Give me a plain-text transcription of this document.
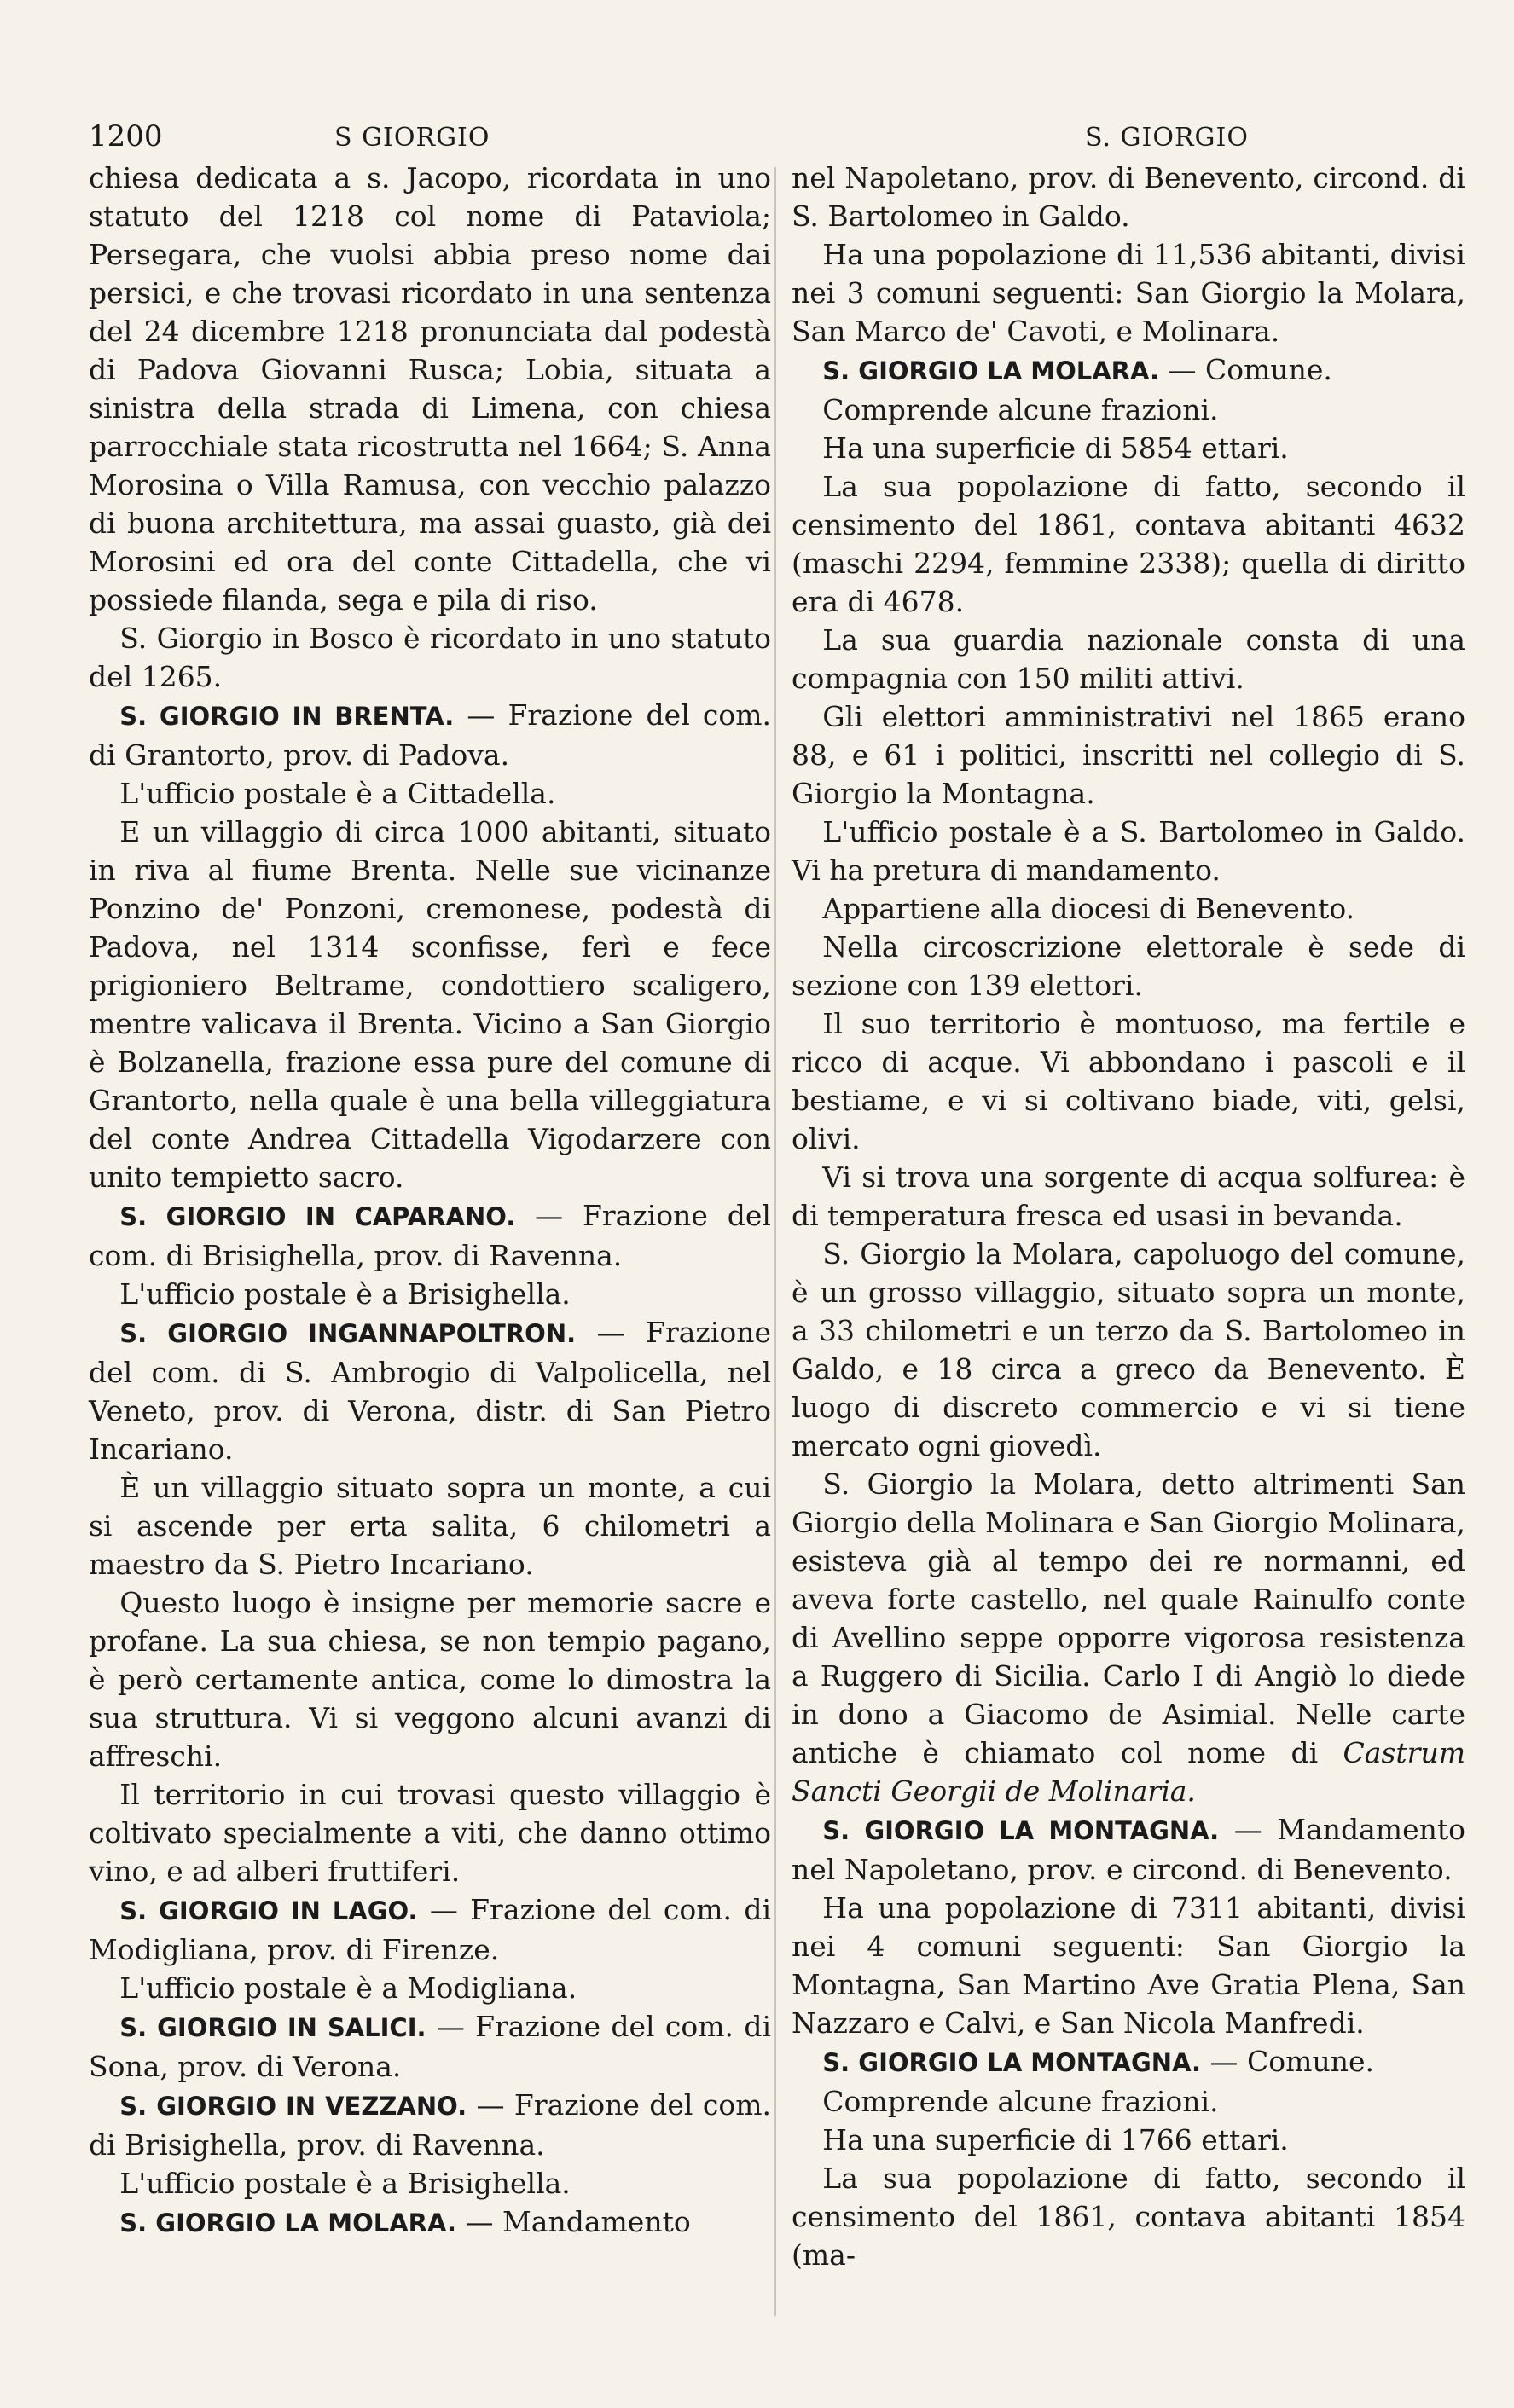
1200	S GIORGIO	S. GIORGIO

chiesa dedicata a s. Jacopo, ricordata in uno statuto del 1218 col nome di Pataviola; Persegara, che vuolsi abbia preso nome dai persici, e che trovasi ricordato in una sentenza del 24 dicembre 1218 pronunciata dal podestà di Padova Giovanni Rusca; Lobia, situata a sinistra della strada di Limena, con chiesa parrocchiale stata ricostrutta nel 1664; S. Anna Morosina o Villa Ramusa, con vecchio palazzo di buona architettura, ma assai guasto, già dei Morosini ed ora del conte Cittadella, che vi possiede filanda, sega e pila di riso.

S. Giorgio in Bosco è ricordato in uno statuto del 1265.

S. GIORGIO IN BRENTA. — Frazione del com. di Grantorto, prov. di Padova.

L'ufficio postale è a Cittadella.

E un villaggio di circa 1000 abitanti, situato in riva al fiume Brenta. Nelle sue vicinanze Ponzino de' Ponzoni, cremonese, podestà di Padova, nel 1314 sconfisse, ferì e fece prigioniero Beltrame, condottiero scaligero, mentre valicava il Brenta. Vicino a San Giorgio è Bolzanella, frazione essa pure del comune di Grantorto, nella quale è una bella villeggiatura del conte Andrea Cittadella Vigodarzere con unito tempietto sacro.

S. GIORGIO IN CAPARANO. — Frazione del com. di Brisighella, prov. di Ravenna.

L'ufficio postale è a Brisighella.

S. GIORGIO INGANNAPOLTRON. — Frazione del com. di S. Ambrogio di Valpolicella, nel Veneto, prov. di Verona, distr. di San Pietro Incariano.

È un villaggio situato sopra un monte, a cui si ascende per erta salita, 6 chilometri a maestro da S. Pietro Incariano.

Questo luogo è insigne per memorie sacre e profane. La sua chiesa, se non tempio pagano, è però certamente antica, come lo dimostra la sua struttura. Vi si veggono alcuni avanzi di affreschi.

Il territorio in cui trovasi questo villaggio è coltivato specialmente a viti, che danno ottimo vino, e ad alberi fruttiferi.

S. GIORGIO IN LAGO. — Frazione del com. di Modigliana, prov. di Firenze.

L'ufficio postale è a Modigliana.

S. GIORGIO IN SALICI. — Frazione del com. di Sona, prov. di Verona.

S. GIORGIO IN VEZZANO. — Frazione del com. di Brisighella, prov. di Ravenna.

L'ufficio postale è a Brisighella.

S. GIORGIO LA MOLARA. — Mandamento

nel Napoletano, prov. di Benevento, circond. di S. Bartolomeo in Galdo.

Ha una popolazione di 11,536 abitanti, divisi nei 3 comuni seguenti: San Giorgio la Molara, San Marco de' Cavoti, e Molinara.

S. GIORGIO LA MOLARA. — Comune.

Comprende alcune frazioni.

Ha una superficie di 5854 ettari.

La sua popolazione di fatto, secondo il censimento del 1861, contava abitanti 4632 (maschi 2294, femmine 2338); quella di diritto era di 4678.

La sua guardia nazionale consta di una compagnia con 150 militi attivi.

Gli elettori amministrativi nel 1865 erano 88, e 61 i politici, inscritti nel collegio di S. Giorgio la Montagna.

L'ufficio postale è a S. Bartolomeo in Galdo. Vi ha pretura di mandamento.

Appartiene alla diocesi di Benevento.

Nella circoscrizione elettorale è sede di sezione con 139 elettori.

Il suo territorio è montuoso, ma fertile e ricco di acque. Vi abbondano i pascoli e il bestiame, e vi si coltivano biade, viti, gelsi, olivi.

Vi si trova una sorgente di acqua solfurea: è di temperatura fresca ed usasi in bevanda.

S. Giorgio la Molara, capoluogo del comune, è un grosso villaggio, situato sopra un monte, a 33 chilometri e un terzo da S. Bartolomeo in Galdo, e 18 circa a greco da Benevento. È luogo di discreto commercio e vi si tiene mercato ogni giovedì.

S. Giorgio la Molara, detto altrimenti San Giorgio della Molinara e San Giorgio Molinara, esisteva già al tempo dei re normanni, ed aveva forte castello, nel quale Rainulfo conte di Avellino seppe opporre vigorosa resistenza a Ruggero di Sicilia. Carlo I di Angiò lo diede in dono a Giacomo de Asimial. Nelle carte antiche è chiamato col nome di Castrum Sancti Georgii de Molinaria.

S. GIORGIO LA MONTAGNA. — Mandamento nel Napoletano, prov. e circond. di Benevento.

Ha una popolazione di 7311 abitanti, divisi nei 4 comuni seguenti: San Giorgio la Montagna, San Martino Ave Gratia Plena, San Nazzaro e Calvi, e San Nicola Manfredi.

S. GIORGIO LA MONTAGNA. — Comune.

Comprende alcune frazioni.

Ha una superficie di 1766 ettari.

La sua popolazione di fatto, secondo il censimento del 1861, contava abitanti 1854 (ma-
